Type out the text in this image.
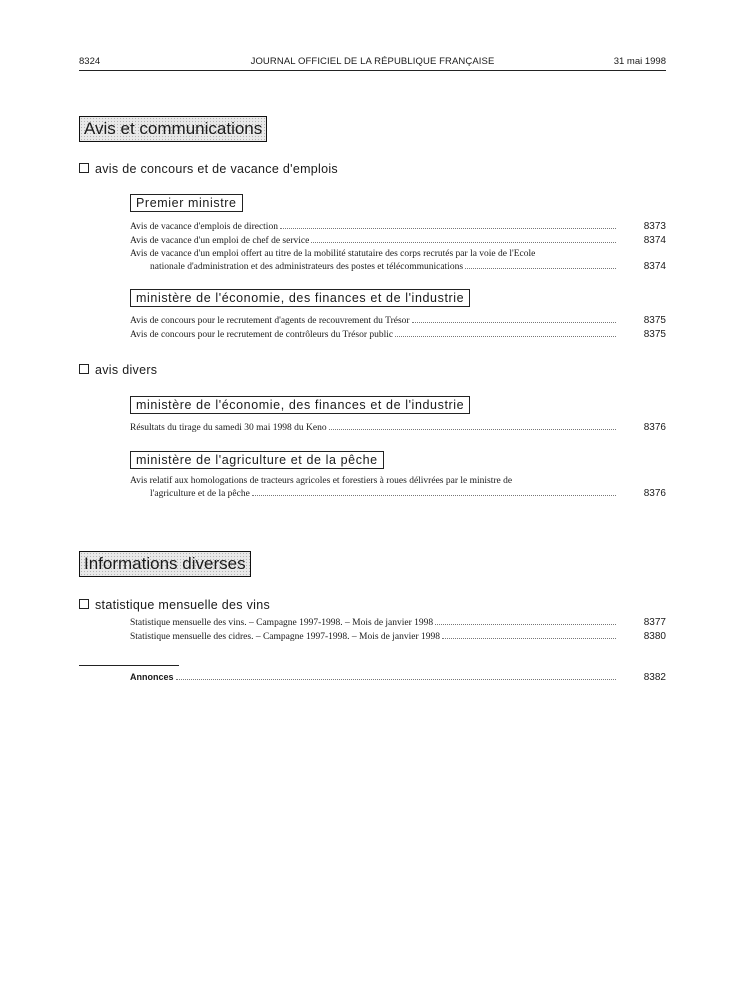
8324	JOURNAL OFFICIEL DE LA RÉPUBLIQUE FRANÇAISE	31 mai 1998
Avis et communications
avis de concours et de vacance d'emplois
Premier ministre
Avis de vacance d'emplois de direction	8373
Avis de vacance d'un emploi de chef de service	8374
Avis de vacance d'un emploi offert au titre de la mobilité statutaire des corps recrutés par la voie de l'Ecole
nationale d'administration et des administrateurs des postes et télécommunications	8374
ministère de l'économie, des finances et de l'industrie
Avis de concours pour le recrutement d'agents de recouvrement du Trésor	8375
Avis de concours pour le recrutement de contrôleurs du Trésor public	8375
avis divers
ministère de l'économie, des finances et de l'industrie
Résultats du tirage du samedi 30 mai 1998 du Keno	8376
ministère de l'agriculture et de la pêche
Avis relatif aux homologations de tracteurs agricoles et forestiers à roues délivrées par le ministre de
l'agriculture et de la pêche	8376
Informations diverses
statistique mensuelle des vins
Statistique mensuelle des vins. – Campagne 1997-1998. – Mois de janvier 1998	8377
Statistique mensuelle des cidres. – Campagne 1997-1998. – Mois de janvier 1998	8380
Annonces	8382
